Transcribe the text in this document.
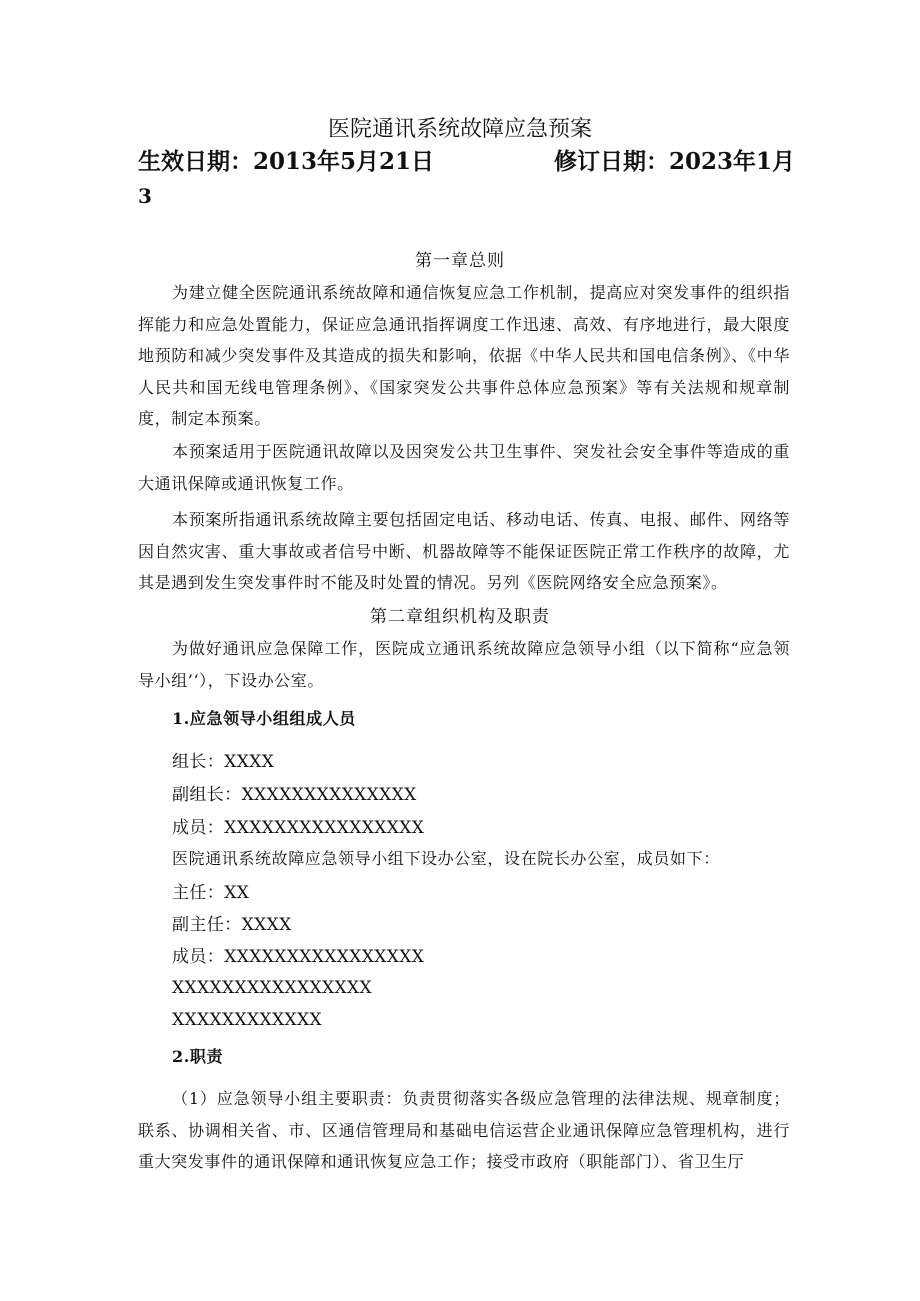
医院通讯系统故障应急预案
生效日期：2013年5月21日	修订日期：2023年1月
3
第一章总则
为建立健全医院通讯系统故障和通信恢复应急工作机制，提高应对突发事件的组织指挥能力和应急处置能力，保证应急通讯指挥调度工作迅速、高效、有序地进行，最大限度地预防和减少突发事件及其造成的损失和影响，依据《中华人民共和国电信条例》、《中华人民共和国无线电管理条例》、《国家突发公共事件总体应急预案》等有关法规和规章制度，制定本预案。
本预案适用于医院通讯故障以及因突发公共卫生事件、突发社会安全事件等造成的重大通讯保障或通讯恢复工作。
本预案所指通讯系统故障主要包括固定电话、移动电话、传真、电报、邮件、网络等因自然灾害、重大事故或者信号中断、机器故障等不能保证医院正常工作秩序的故障，尤其是遇到发生突发事件时不能及时处置的情况。另列《医院网络安全应急预案》。
第二章组织机构及职责
为做好通讯应急保障工作，医院成立通讯系统故障应急领导小组（以下简称“应急领导小组’‘），下设办公室。
1.应急领导小组组成人员
组长：XXXX
副组长：XXXXXXXXXXXXXX
成员：XXXXXXXXXXXXXXXX
医院通讯系统故障应急领导小组下设办公室，设在院长办公室，成员如下：
主任：XX
副主任：XXXX
成员：XXXXXXXXXXXXXXXX
XXXXXXXXXXXXXXXX
XXXXXXXXXXXX
2.职责
（1）应急领导小组主要职责：负责贯彻落实各级应急管理的法律法规、规章制度；联系、协调相关省、市、区通信管理局和基础电信运营企业通讯保障应急管理机构，进行重大突发事件的通讯保障和通讯恢复应急工作；接受市政府（职能部门）、省卫生厅
